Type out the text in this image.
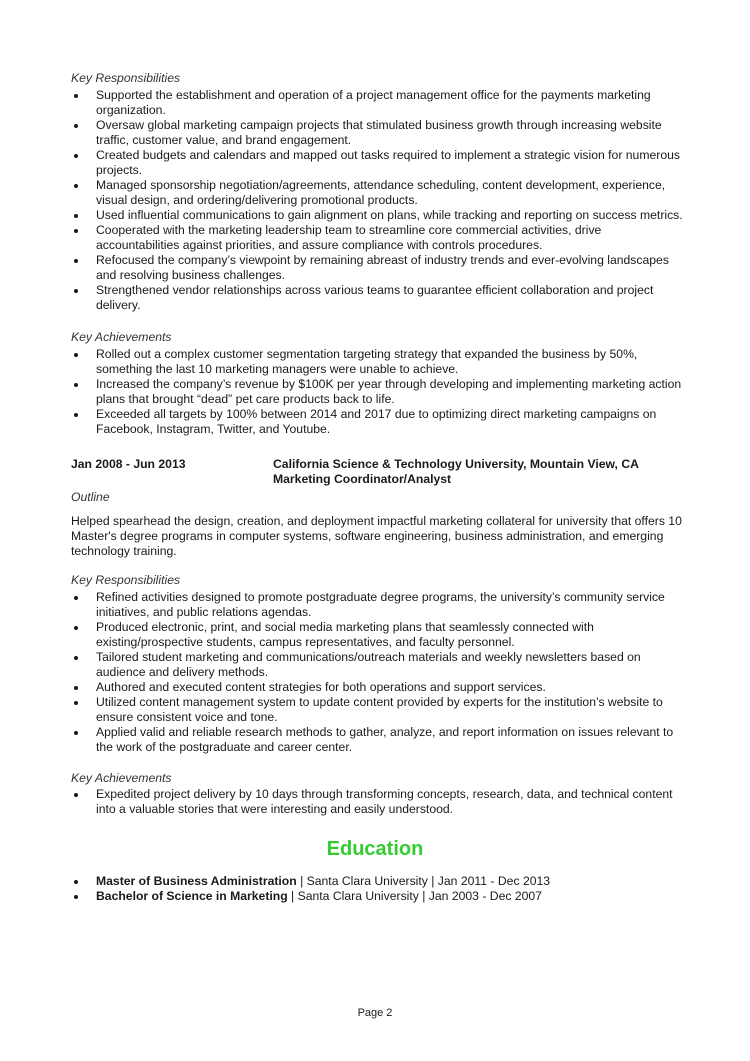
Key Responsibilities
Supported the establishment and operation of a project management office for the payments marketing organization.
Oversaw global marketing campaign projects that stimulated business growth through increasing website traffic, customer value, and brand engagement.
Created budgets and calendars and mapped out tasks required to implement a strategic vision for numerous projects.
Managed sponsorship negotiation/agreements, attendance scheduling, content development, experience, visual design, and ordering/delivering promotional products.
Used influential communications to gain alignment on plans, while tracking and reporting on success metrics.
Cooperated with the marketing leadership team to streamline core commercial activities, drive accountabilities against priorities, and assure compliance with controls procedures.
Refocused the company’s viewpoint by remaining abreast of industry trends and ever-evolving landscapes and resolving business challenges.
Strengthened vendor relationships across various teams to guarantee efficient collaboration and project delivery.
Key Achievements
Rolled out a complex customer segmentation targeting strategy that expanded the business by 50%, something the last 10 marketing managers were unable to achieve.
Increased the company’s revenue by $100K per year through developing and implementing marketing action plans that brought “dead” pet care products back to life.
Exceeded all targets by 100% between 2014 and 2017 due to optimizing direct marketing campaigns on Facebook, Instagram, Twitter, and Youtube.
Jan 2008 - Jun 2013	California Science & Technology University, Mountain View, CA
Marketing Coordinator/Analyst
Outline
Helped spearhead the design, creation, and deployment impactful marketing collateral for university that offers 10 Master's degree programs in computer systems, software engineering, business administration, and emerging technology training.
Key Responsibilities
Refined activities designed to promote postgraduate degree programs, the university’s community service initiatives, and public relations agendas.
Produced electronic, print, and social media marketing plans that seamlessly connected with existing/prospective students, campus representatives, and faculty personnel.
Tailored student marketing and communications/outreach materials and weekly newsletters based on audience and delivery methods.
Authored and executed content strategies for both operations and support services.
Utilized content management system to update content provided by experts for the institution’s website to ensure consistent voice and tone.
Applied valid and reliable research methods to gather, analyze, and report information on issues relevant to the work of the postgraduate and career center.
Key Achievements
Expedited project delivery by 10 days through transforming concepts, research, data, and technical content into a valuable stories that were interesting and easily understood.
Education
Master of Business Administration | Santa Clara University | Jan 2011 - Dec 2013
Bachelor of Science in Marketing | Santa Clara University | Jan 2003 - Dec 2007
Page 2
